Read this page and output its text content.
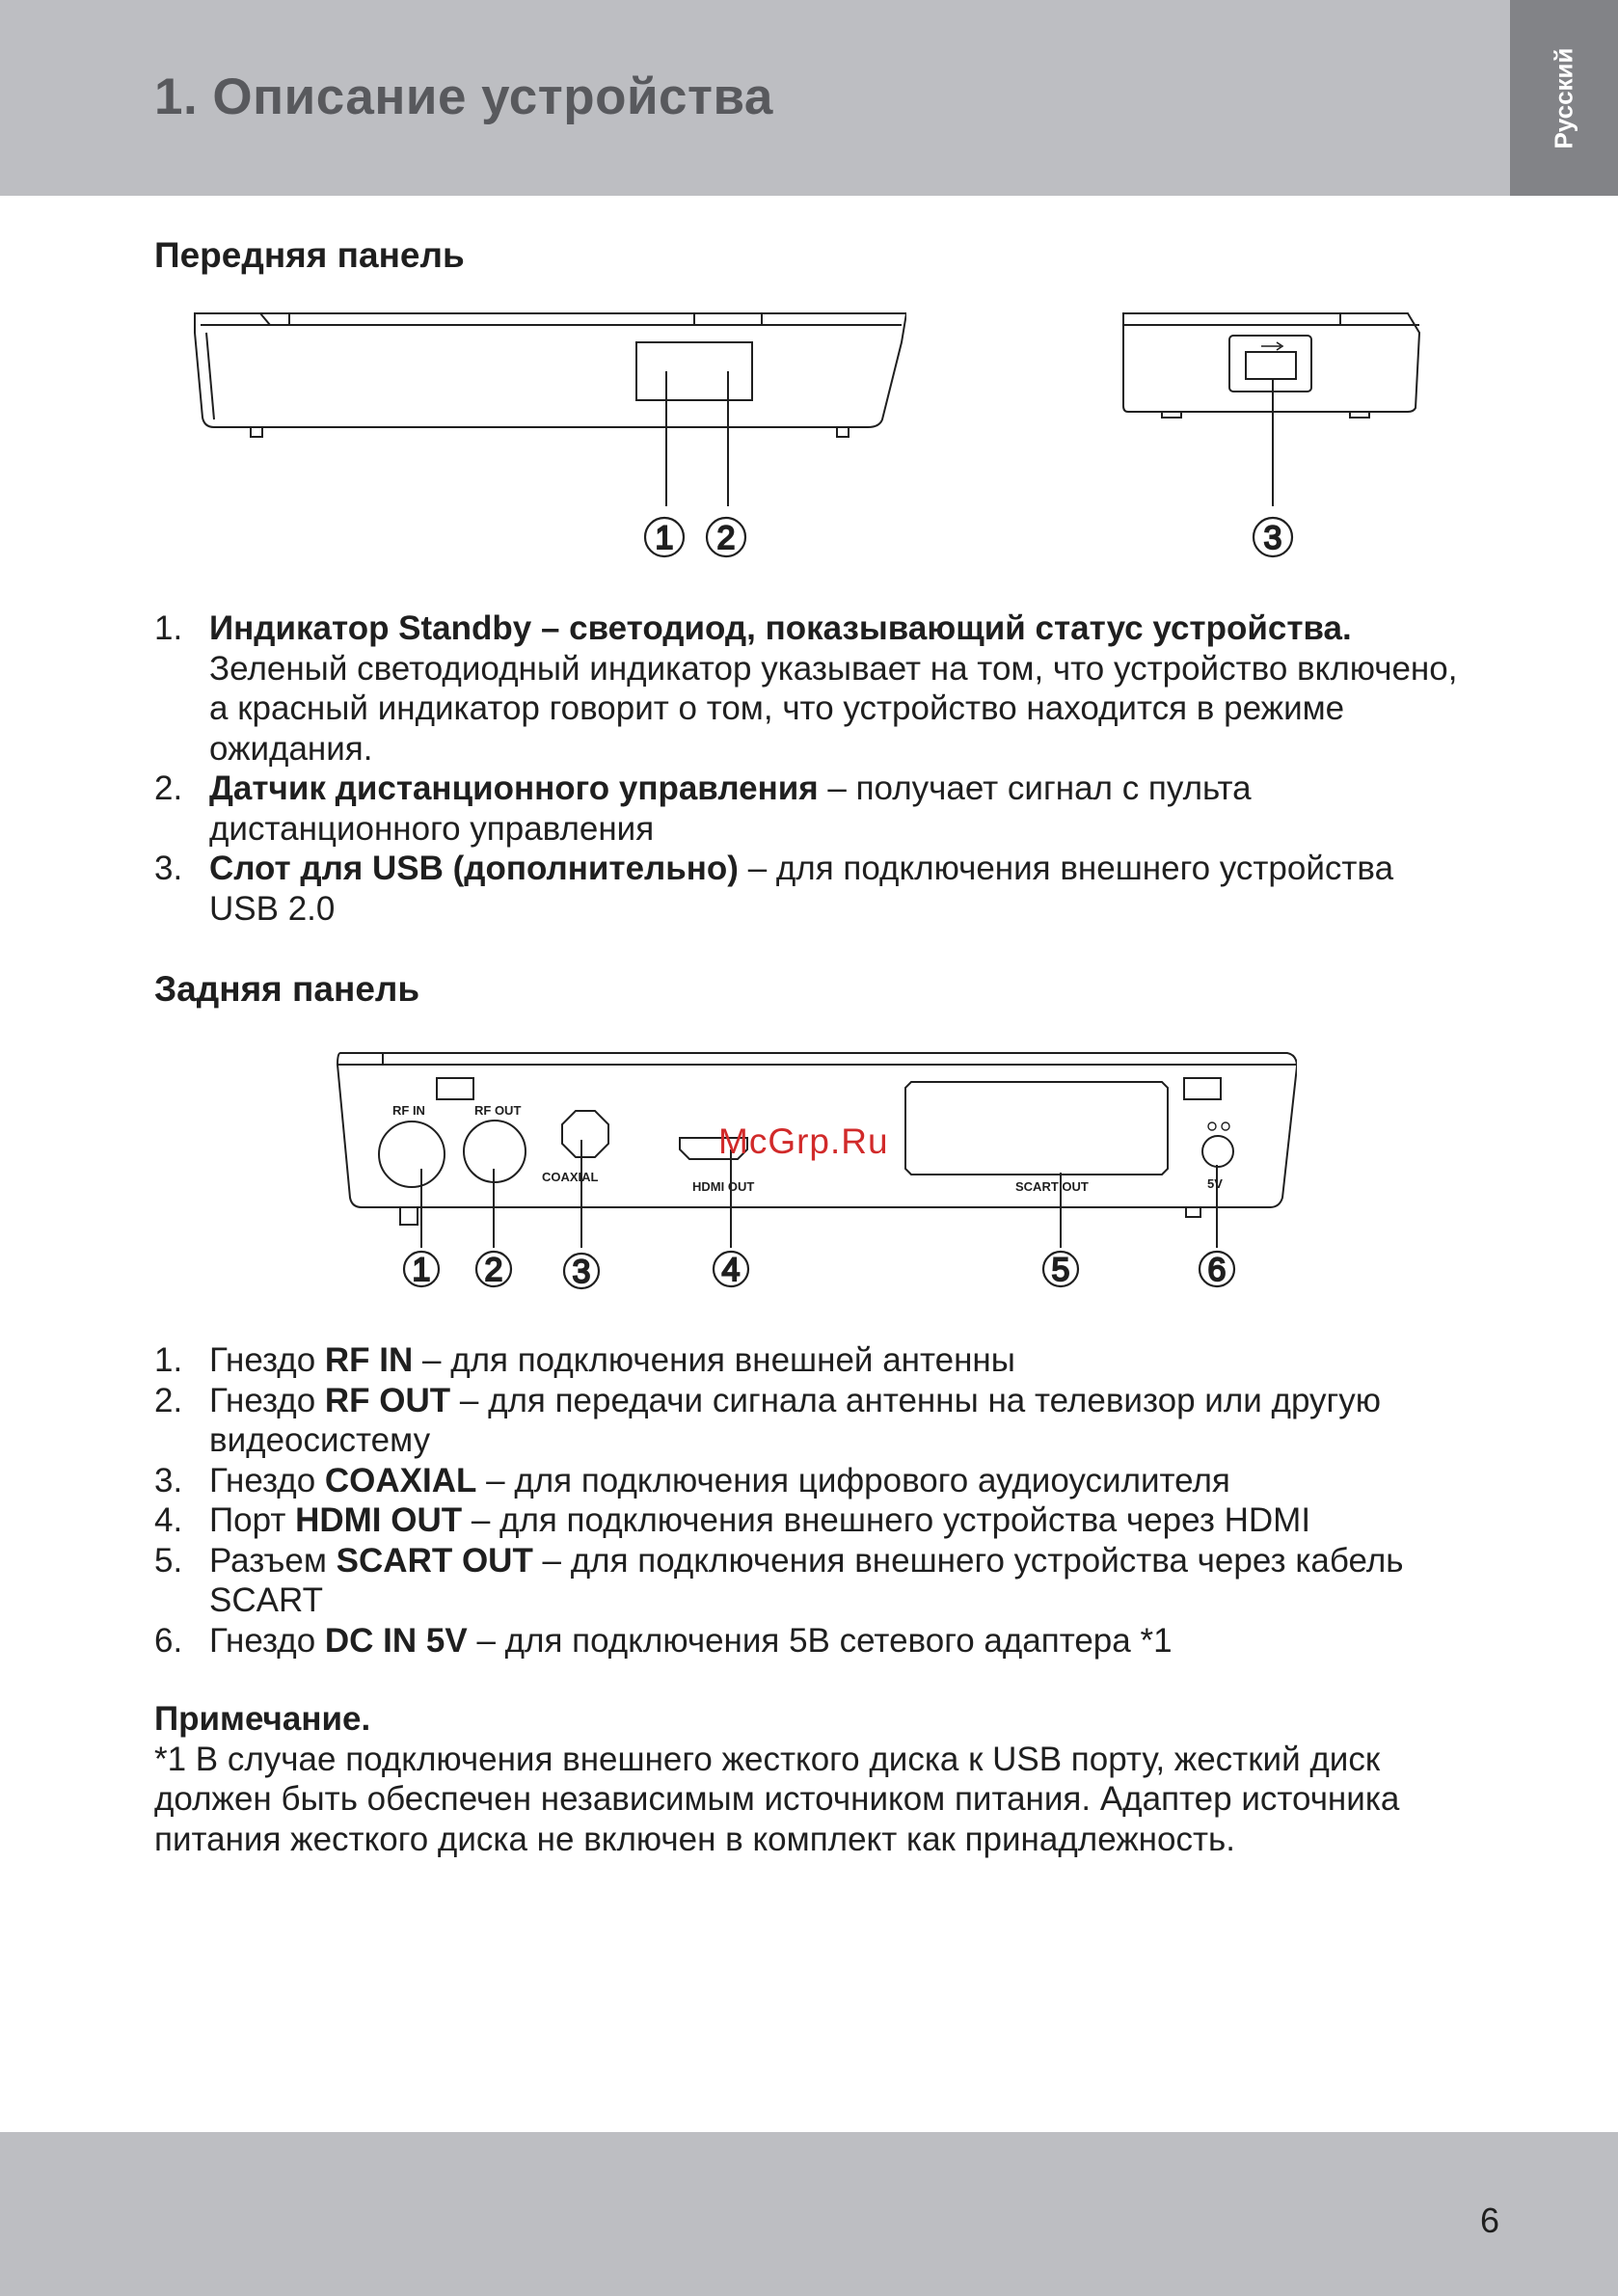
1. Описание устройства	Русский
Передняя панель
1 2	3
1. Индикатор Standby – светодиод, показывающий статус устройства.
Зеленый светодиодный индикатор указывает на том, что устройство включено, а красный индикатор говорит о том, что устройство находится в режиме ожидания.
2. Датчик дистанционного управления – получает сигнал с пульта дистанционного управления
3. Слот для USB (дополнительно) – для подключения внешнего устройства USB 2.0
Задняя панель
RF IN	RF OUT
COAXIAL
HDMI OUT	SCART OUT	5V
1 2 3	4	5	6
McGrp.Ru
1. Гнездо RF IN – для подключения внешней антенны
2. Гнездо RF OUT – для передачи сигнала антенны на телевизор или другую видеосистему
3. Гнездо COAXIAL – для подключения цифрового аудиоусилителя
4. Порт HDMI OUT – для подключения внешнего устройства через HDMI
5. Разъем SCART OUT – для подключения внешнего устройства через кабель SCART
6. Гнездо DC IN 5V – для подключения 5В сетевого адаптера *1
Примечание.
*1 В случае подключения внешнего жесткого диска к USB порту, жесткий диск должен быть обеспечен независимым источником питания. Адаптер источника питания жесткого диска не включен в комплект как принадлежность.
6
